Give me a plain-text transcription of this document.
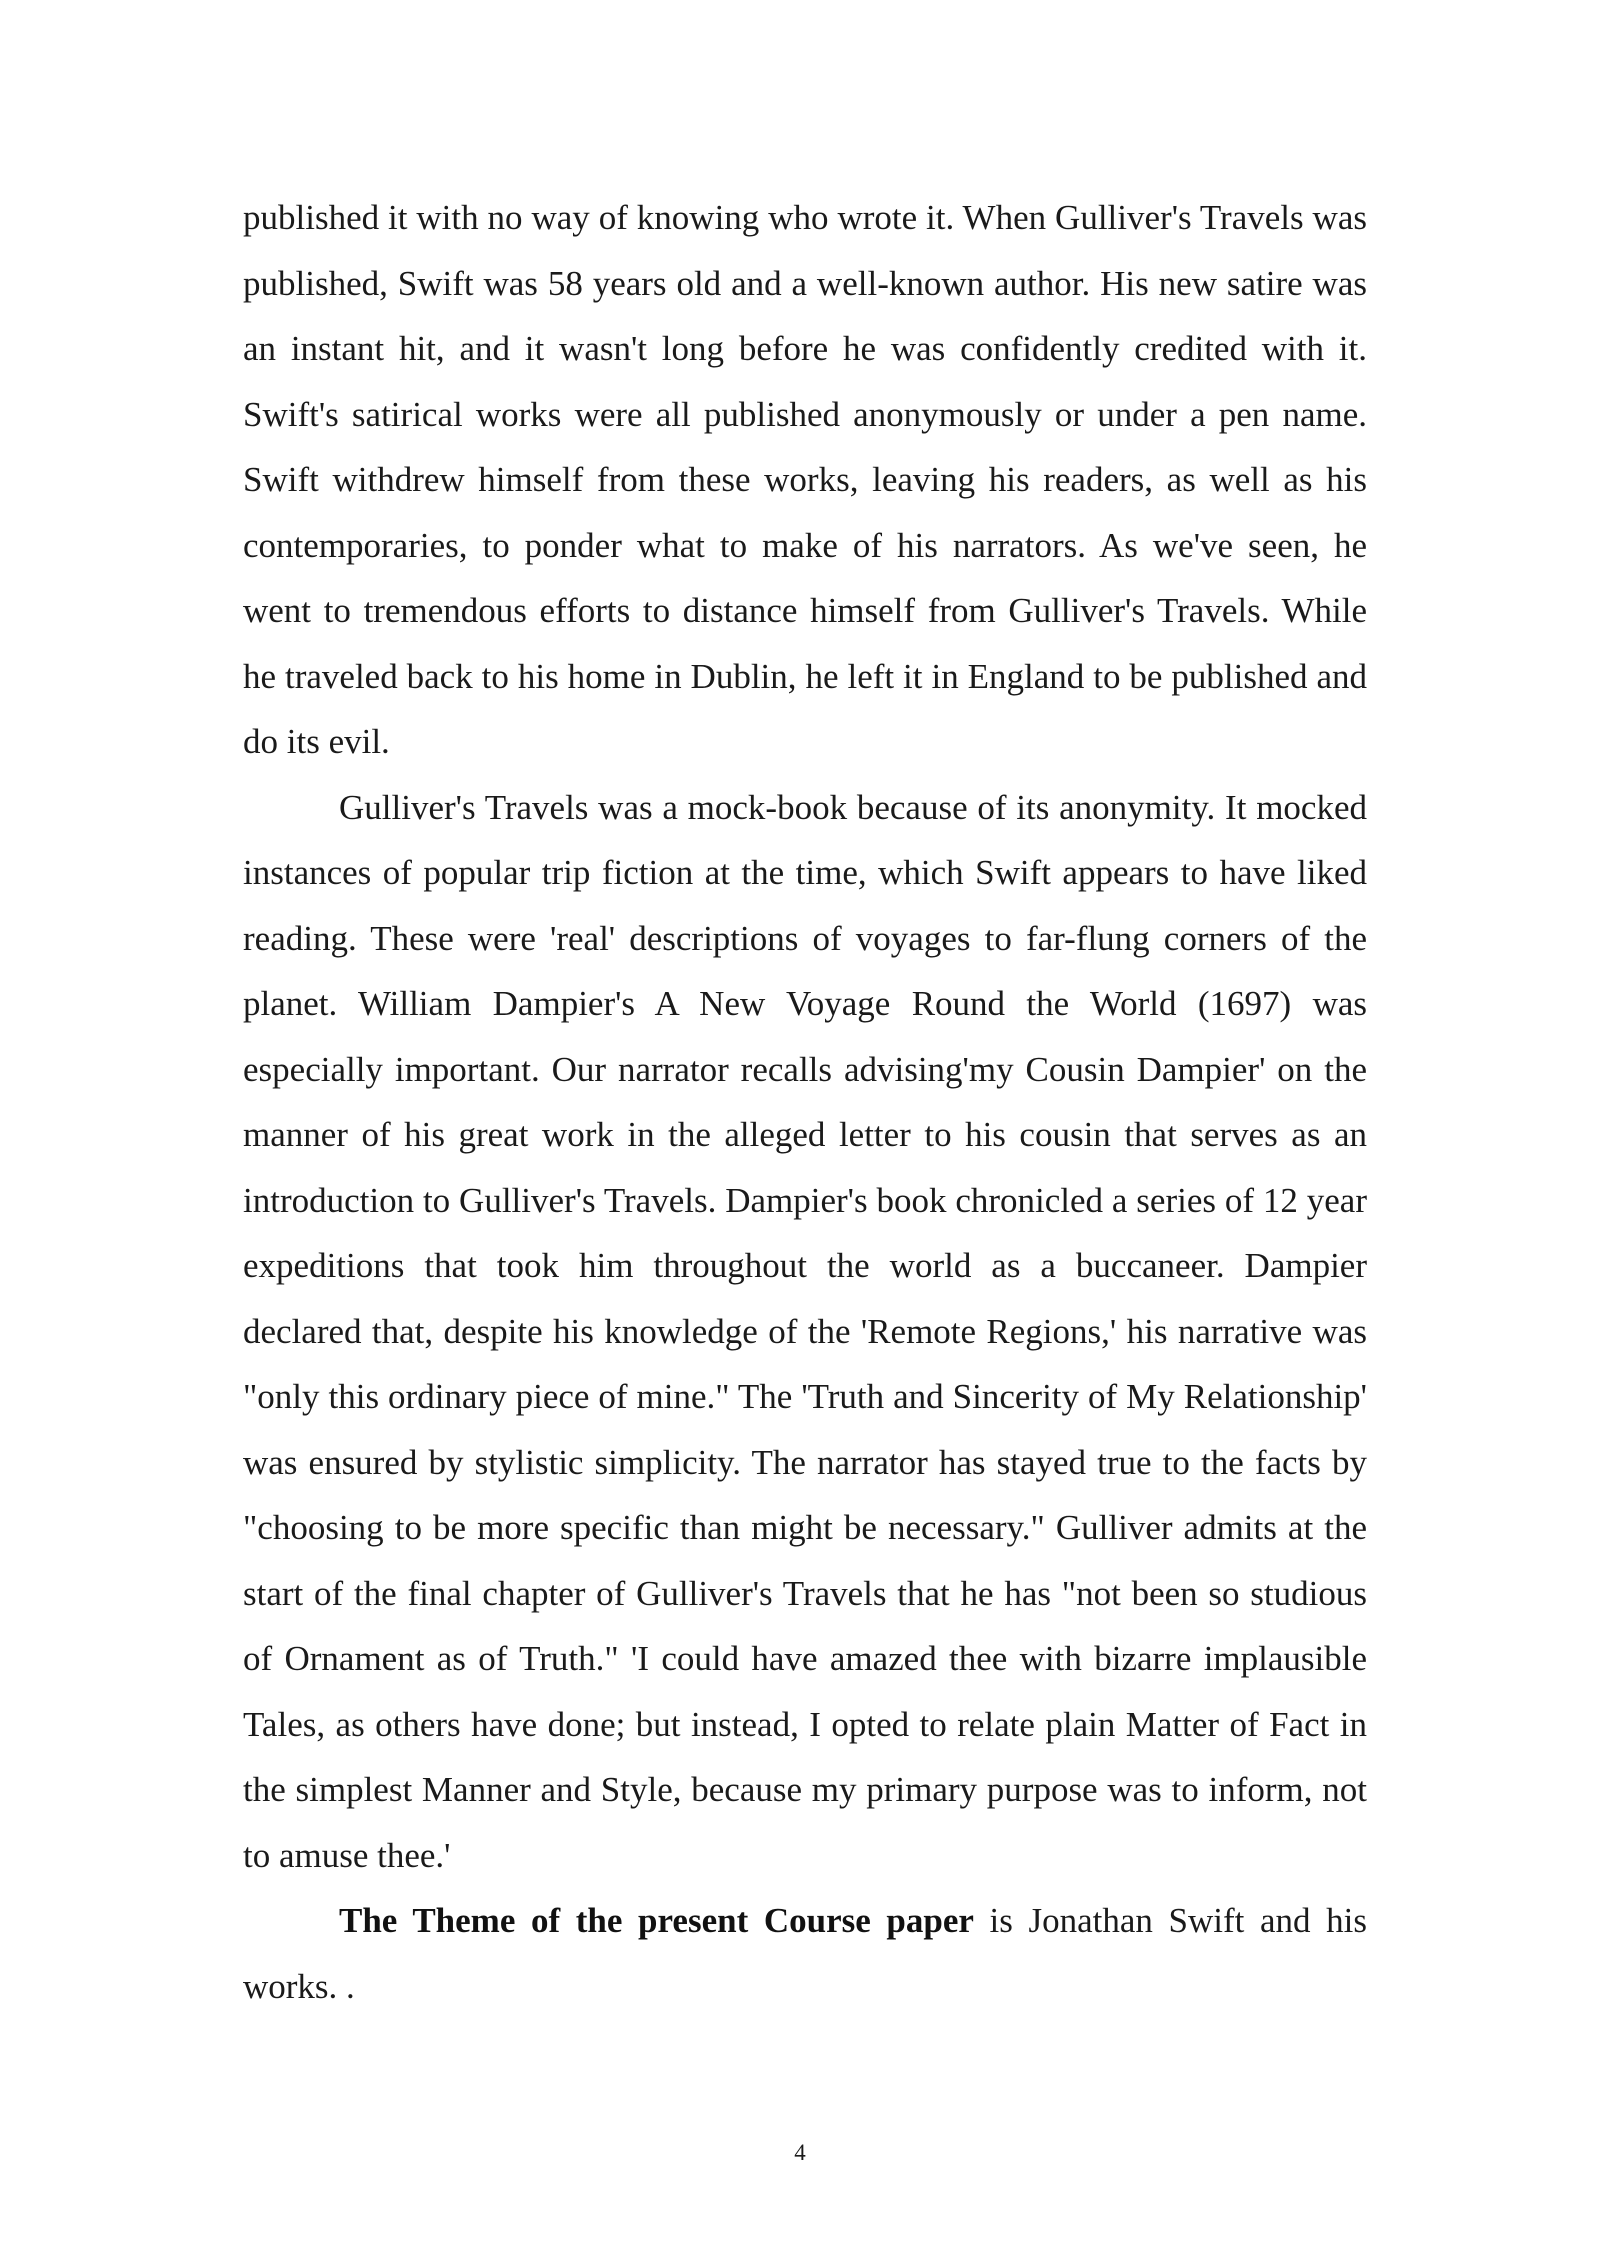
published it with no way of knowing who wrote it. When Gulliver's Travels was published, Swift was 58 years old and a well-known author. His new satire was an instant hit, and it wasn't long before he was confidently credited with it. Swift's satirical works were all published anonymously or under a pen name. Swift withdrew himself from these works, leaving his readers, as well as his contemporaries, to ponder what to make of his narrators. As we've seen, he went to tremendous efforts to distance himself from Gulliver's Travels. While he traveled back to his home in Dublin, he left it in England to be published and do its evil.

Gulliver's Travels was a mock-book because of its anonymity. It mocked instances of popular trip fiction at the time, which Swift appears to have liked reading. These were 'real' descriptions of voyages to far-flung corners of the planet. William Dampier's A New Voyage Round the World (1697) was especially important. Our narrator recalls advising'my Cousin Dampier' on the manner of his great work in the alleged letter to his cousin that serves as an introduction to Gulliver's Travels. Dampier's book chronicled a series of 12 year expeditions that took him throughout the world as a buccaneer. Dampier declared that, despite his knowledge of the 'Remote Regions,' his narrative was "only this ordinary piece of mine." The 'Truth and Sincerity of My Relationship' was ensured by stylistic simplicity. The narrator has stayed true to the facts by "choosing to be more specific than might be necessary." Gulliver admits at the start of the final chapter of Gulliver's Travels that he has "not been so studious of Ornament as of Truth." 'I could have amazed thee with bizarre implausible Tales, as others have done; but instead, I opted to relate plain Matter of Fact in the simplest Manner and Style, because my primary purpose was to inform, not to amuse thee.'

The Theme of the present Course paper is Jonathan Swift and his works. .

4
